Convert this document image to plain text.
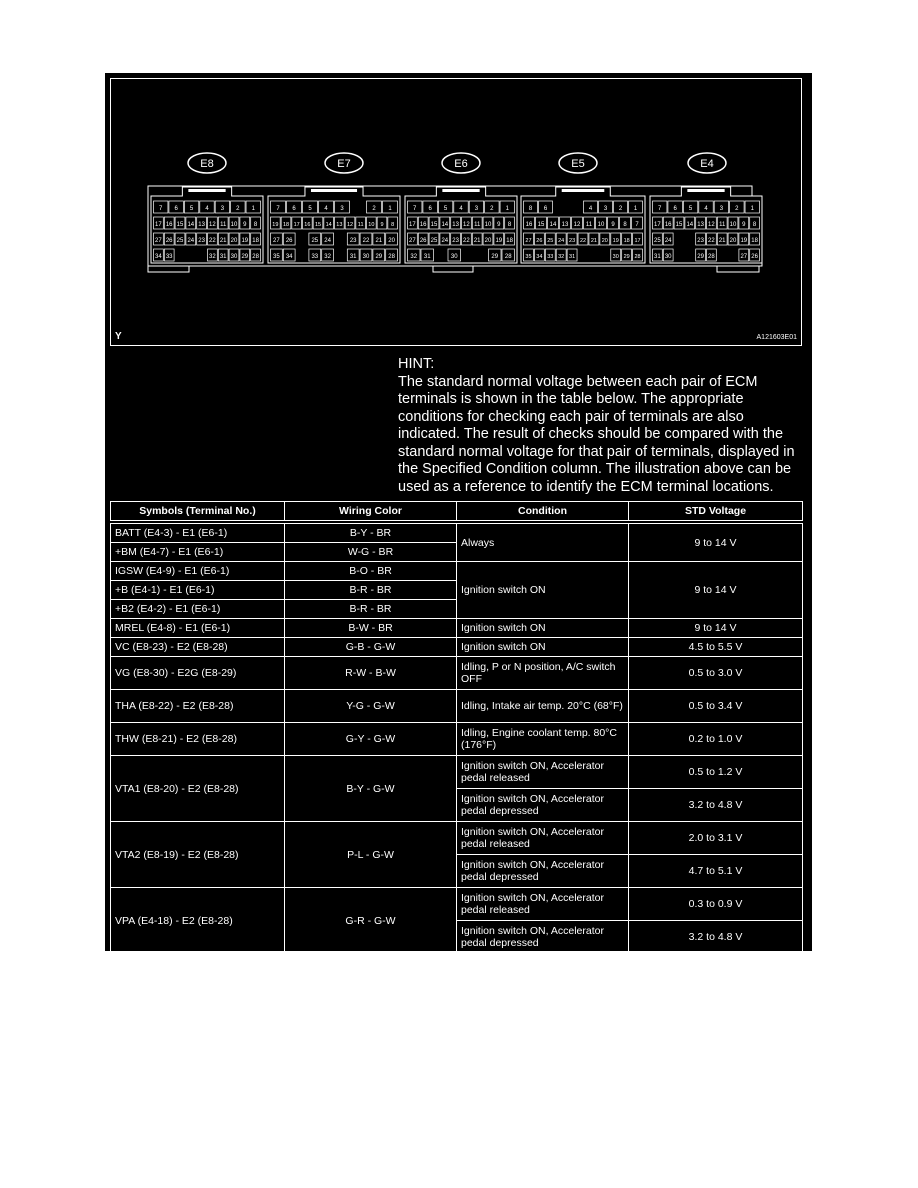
E8
7 6 5 4 3 2 1
17 16 15 14 13 12 11 10 9 8
27 26 25 24 23 22 21 20 19 18
34 33	32 31 30 29 28
E7
7 6 5 4 3	2 1
19 18 17 16 15 14 13 12 11 10 9 8
27 26	25 24	23 22 21 20
35 34	33 32	31 30 29 28
E6
7 6 5 4 3 2 1
17 16 15 14 13 12 11 10 9 8
27 26 25 24 23 22 21 20 19 18
32 31	30	29 28
E5
8 6	4 3 2 1
16 15 14 13 12 11 10 9 8 7
27 26 25 24 23 22 21 20 19 18 17
35 34 33 32 31	30 29 28
E4
7 6 5 4 3 2 1
17 16 15 14 13 12 11 10 9 8
25 24	23 22 21 20 19 18
31 30	29 28	27 26
Y	A121603E01

HINT:

The standard normal voltage between each pair of ECM terminals is shown in the table below. The appropriate conditions for checking each pair of terminals are also indicated. The result of checks should be compared with the standard normal voltage for that pair of terminals, displayed in the Specified Condition column. The illustration above can be used as a reference to identify the ECM terminal locations.

Symbols (Terminal No.)	Wiring Color	Condition	STD Voltage
BATT (E4-3) - E1 (E6-1)	B-Y - BR	Always	9 to 14 V
+BM (E4-7) - E1 (E6-1)	W-G - BR		
IGSW (E4-9) - E1 (E6-1)	B-O - BR	Ignition switch ON	9 to 14 V
+B (E4-1) - E1 (E6-1)	B-R - BR		
+B2 (E4-2) - E1 (E6-1)	B-R - BR		
MREL (E4-8) - E1 (E6-1)	B-W - BR	Ignition switch ON	9 to 14 V
VC (E8-23) - E2 (E8-28)	G-B - G-W	Ignition switch ON	4.5 to 5.5 V
VG (E8-30) - E2G (E8-29)	R-W - B-W	Idling, P or N position, A/C switch OFF	0.5 to 3.0 V
THA (E8-22) - E2 (E8-28)	Y-G - G-W	Idling, Intake air temp. 20°C (68°F)	0.5 to 3.4 V
THW (E8-21) - E2 (E8-28)	G-Y - G-W	Idling, Engine coolant temp. 80°C (176°F)	0.2 to 1.0 V
VTA1 (E8-20) - E2 (E8-28)	B-Y - G-W	Ignition switch ON, Accelerator pedal released	0.5 to 1.2 V
		Ignition switch ON, Accelerator pedal depressed	3.2 to 4.8 V
VTA2 (E8-19) - E2 (E8-28)	P-L - G-W	Ignition switch ON, Accelerator pedal released	2.0 to 3.1 V
		Ignition switch ON, Accelerator pedal depressed	4.7 to 5.1 V
VPA (E4-18) - E2 (E8-28)	G-R - G-W	Ignition switch ON, Accelerator pedal released	0.3 to 0.9 V
		Ignition switch ON, Accelerator pedal depressed	3.2 to 4.8 V
